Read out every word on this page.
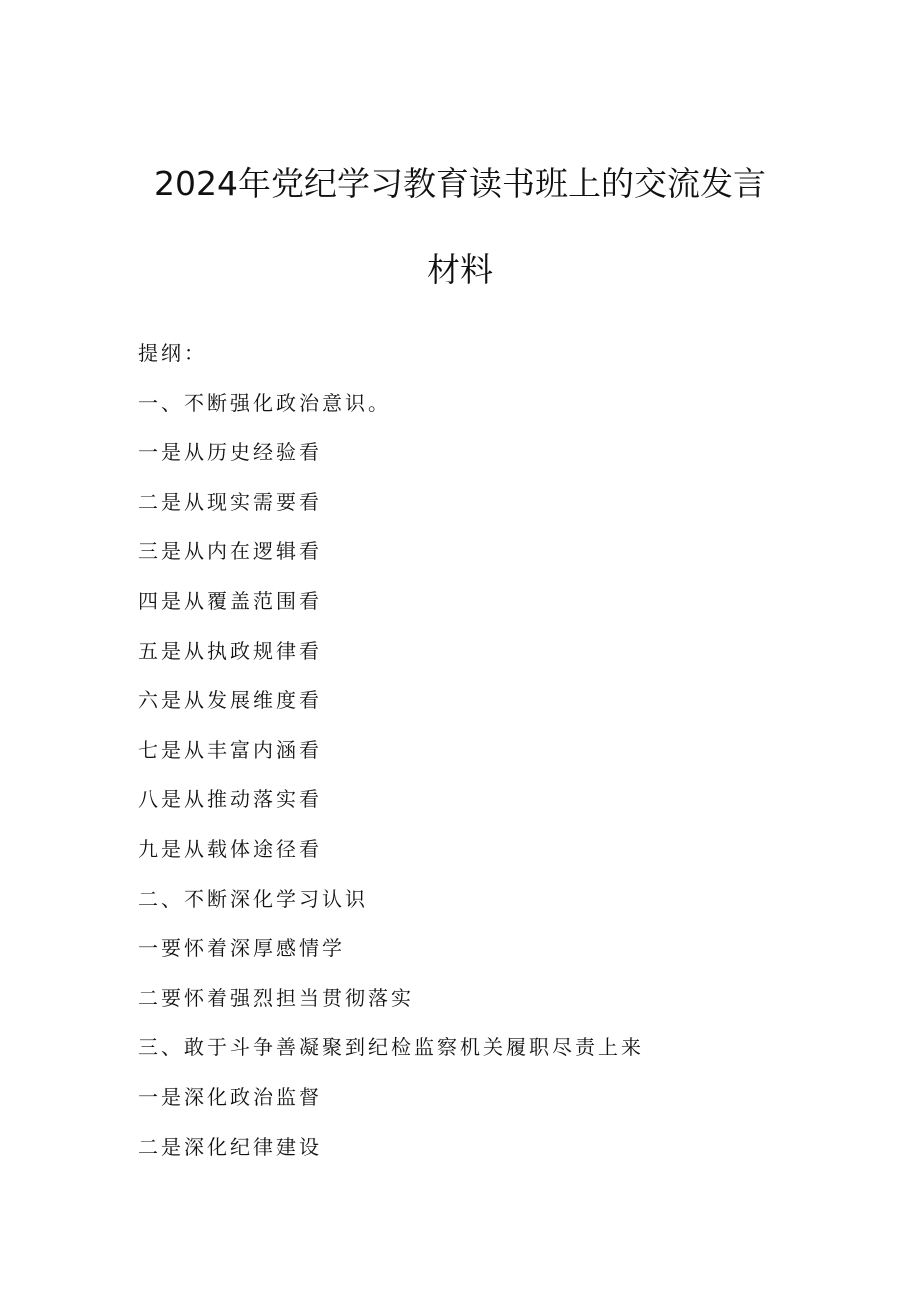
2024年党纪学习教育读书班上的交流发言
材料
提纲：
一、不断强化政治意识。
一是从历史经验看
二是从现实需要看
三是从内在逻辑看
四是从覆盖范围看
五是从执政规律看
六是从发展维度看
七是从丰富内涵看
八是从推动落实看
九是从载体途径看
二、不断深化学习认识
一要怀着深厚感情学
二要怀着强烈担当贯彻落实
三、敢于斗争善凝聚到纪检监察机关履职尽责上来
一是深化政治监督
二是深化纪律建设
